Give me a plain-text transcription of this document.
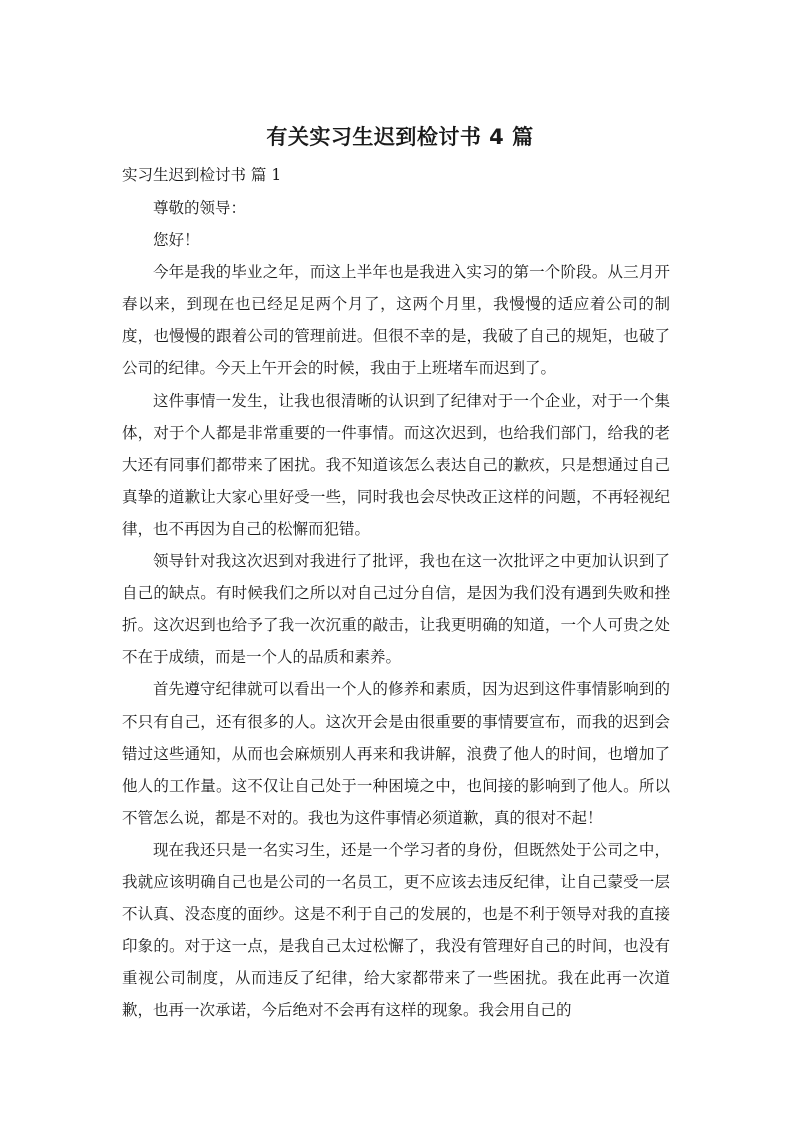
有关实习生迟到检讨书 4 篇
实习生迟到检讨书 篇 1

尊敬的领导：

您好！

今年是我的毕业之年，而这上半年也是我进入实习的第一个阶段。从三月开春以来，到现在也已经足足两个月了，这两个月里，我慢慢的适应着公司的制度，也慢慢的跟着公司的管理前进。但很不幸的是，我破了自己的规矩，也破了公司的纪律。今天上午开会的时候，我由于上班堵车而迟到了。

这件事情一发生，让我也很清晰的认识到了纪律对于一个企业，对于一个集体，对于个人都是非常重要的一件事情。而这次迟到，也给我们部门，给我的老大还有同事们都带来了困扰。我不知道该怎么表达自己的歉疚，只是想通过自己真挚的道歉让大家心里好受一些，同时我也会尽快改正这样的问题，不再轻视纪律，也不再因为自己的松懈而犯错。

领导针对我这次迟到对我进行了批评，我也在这一次批评之中更加认识到了自己的缺点。有时候我们之所以对自己过分自信，是因为我们没有遇到失败和挫折。这次迟到也给予了我一次沉重的敲击，让我更明确的知道，一个人可贵之处不在于成绩，而是一个人的品质和素养。

首先遵守纪律就可以看出一个人的修养和素质，因为迟到这件事情影响到的不只有自己，还有很多的人。这次开会是由很重要的事情要宣布，而我的迟到会错过这些通知，从而也会麻烦别人再来和我讲解，浪费了他人的时间，也增加了他人的工作量。这不仅让自己处于一种困境之中，也间接的影响到了他人。所以不管怎么说，都是不对的。我也为这件事情必须道歉，真的很对不起！

现在我还只是一名实习生，还是一个学习者的身份，但既然处于公司之中，我就应该明确自己也是公司的一名员工，更不应该去违反纪律，让自己蒙受一层不认真、没态度的面纱。这是不利于自己的发展的，也是不利于领导对我的直接印象的。对于这一点，是我自己太过松懈了，我没有管理好自己的时间，也没有重视公司制度，从而违反了纪律，给大家都带来了一些困扰。我在此再一次道歉，也再一次承诺，今后绝对不会再有这样的现象。我会用自己的
